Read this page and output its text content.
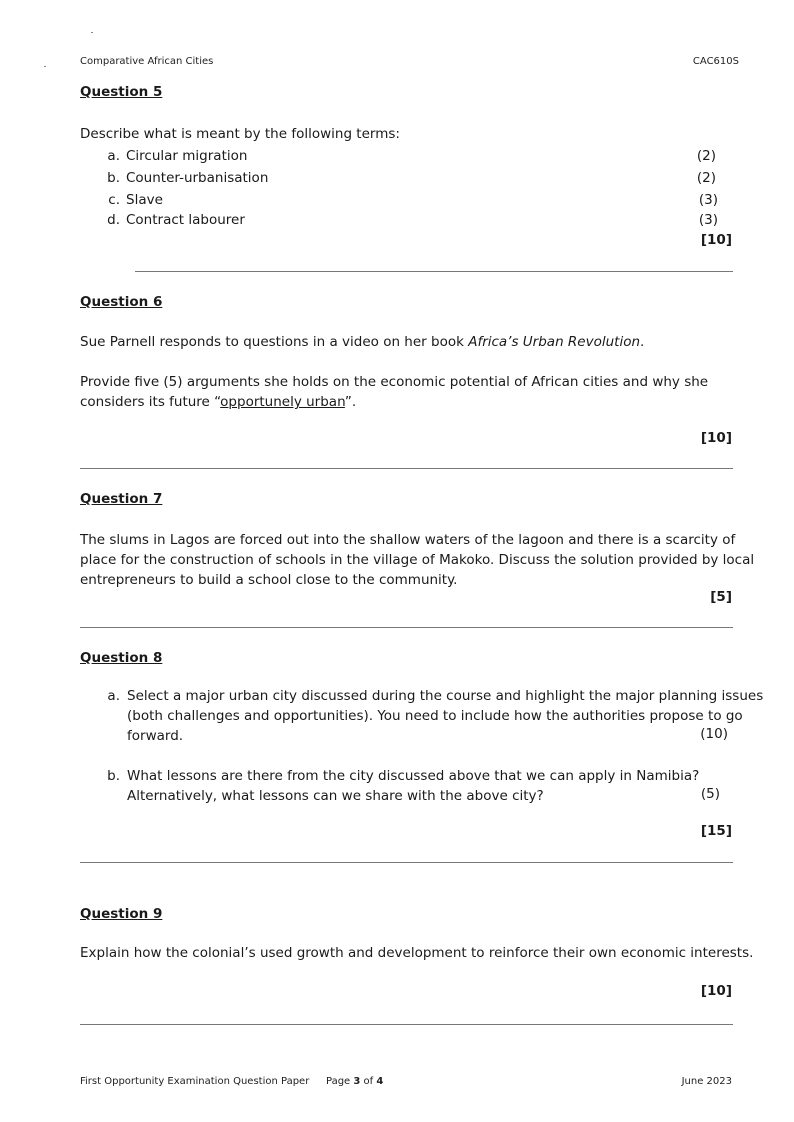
Comparative African Cities	CAC610S
Question 5
Describe what is meant by the following terms:
a. Circular migration	(2)
b. Counter-urbanisation	(2)
c. Slave	(3)
d. Contract labourer	(3)
[10]
Question 6
Sue Parnell responds to questions in a video on her book Africa’s Urban Revolution.
Provide five (5) arguments she holds on the economic potential of African cities and why she
considers its future “opportunely urban”.
[10]
Question 7
The slums in Lagos are forced out into the shallow waters of the lagoon and there is a scarcity of
place for the construction of schools in the village of Makoko. Discuss the solution provided by local
entrepreneurs to build a school close to the community.
[5]
Question 8
a. Select a major urban city discussed during the course and highlight the major planning issues
(both challenges and opportunities). You need to include how the authorities propose to go
forward.	(10)
b. What lessons are there from the city discussed above that we can apply in Namibia?
Alternatively, what lessons can we share with the above city?	(5)
[15]
Question 9
Explain how the colonial’s used growth and development to reinforce their own economic interests.
[10]
First Opportunity Examination Question Paper Page 3 of 4	June 2023
